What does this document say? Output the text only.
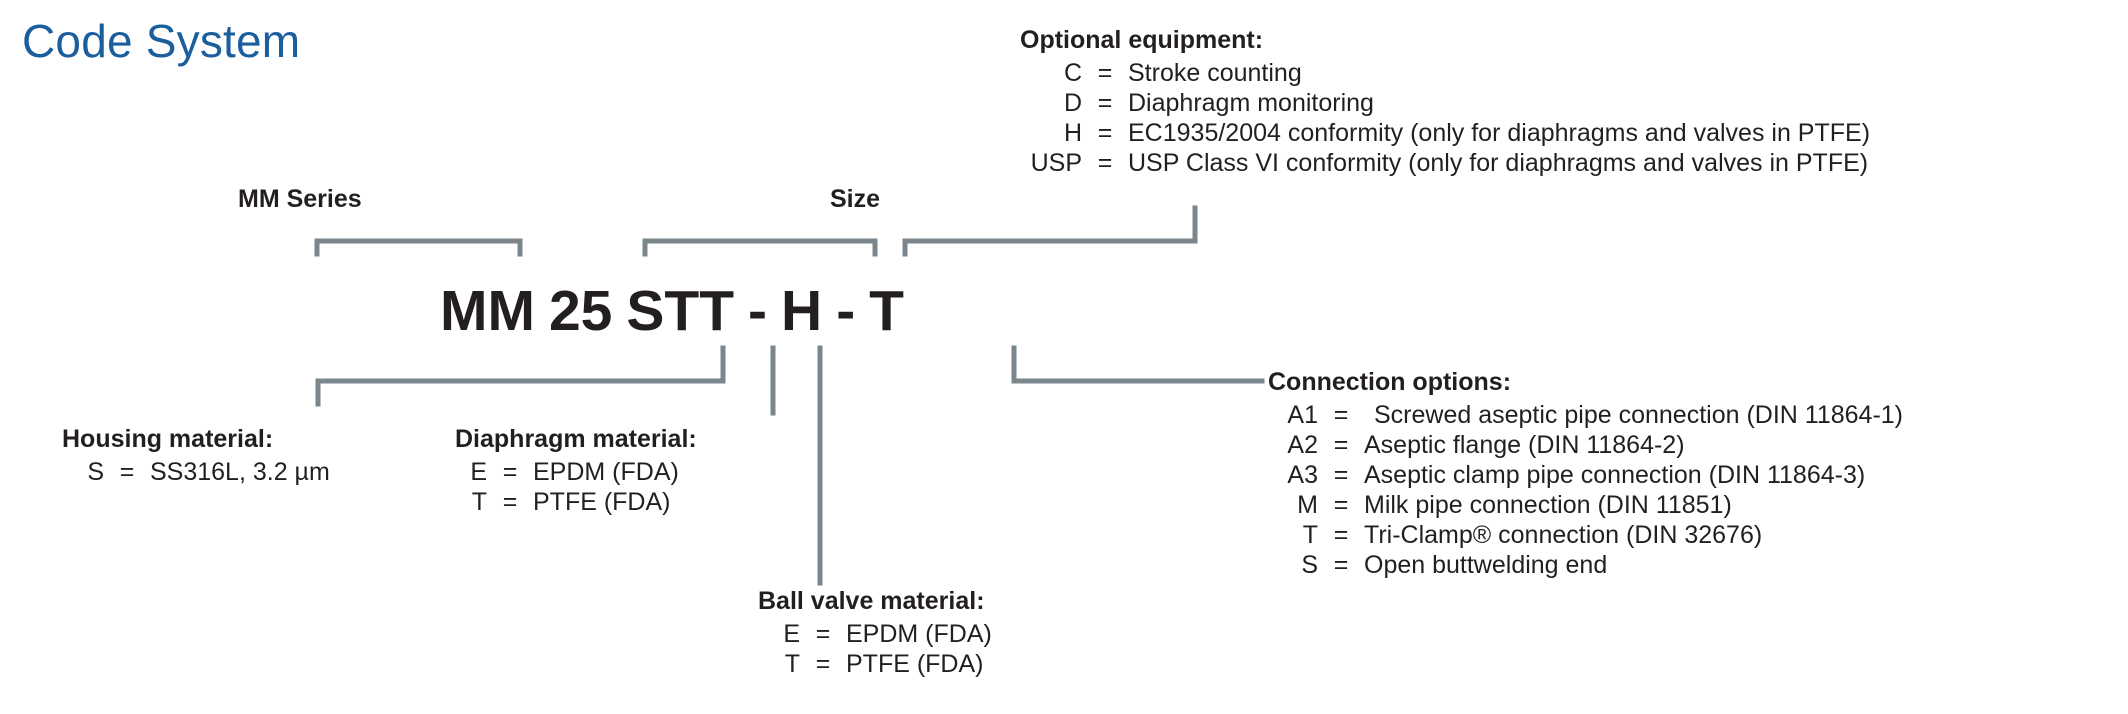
Code System
MM Series	Size
Optional equipment:
C = Stroke counting
D = Diaphragm monitoring
H = EC1935/2004 conformity (only for diaphragms and valves in PTFE)
USP = USP Class VI conformity (only for diaphragms and valves in PTFE)
MM 25 STT - H - T
Housing material:
S = SS316L, 3.2 µm
Diaphragm material:
E = EPDM (FDA)
T = PTFE (FDA)
Ball valve material:
E = EPDM (FDA)
T = PTFE (FDA)
Connection options:
A1 =	Screwed aseptic pipe connection (DIN 11864-1)
A2 = Aseptic flange (DIN 11864-2)
A3 = Aseptic clamp pipe connection (DIN 11864-3)
M = Milk pipe connection (DIN 11851)
T = Tri-Clamp® connection (DIN 32676)
S = Open buttwelding end
